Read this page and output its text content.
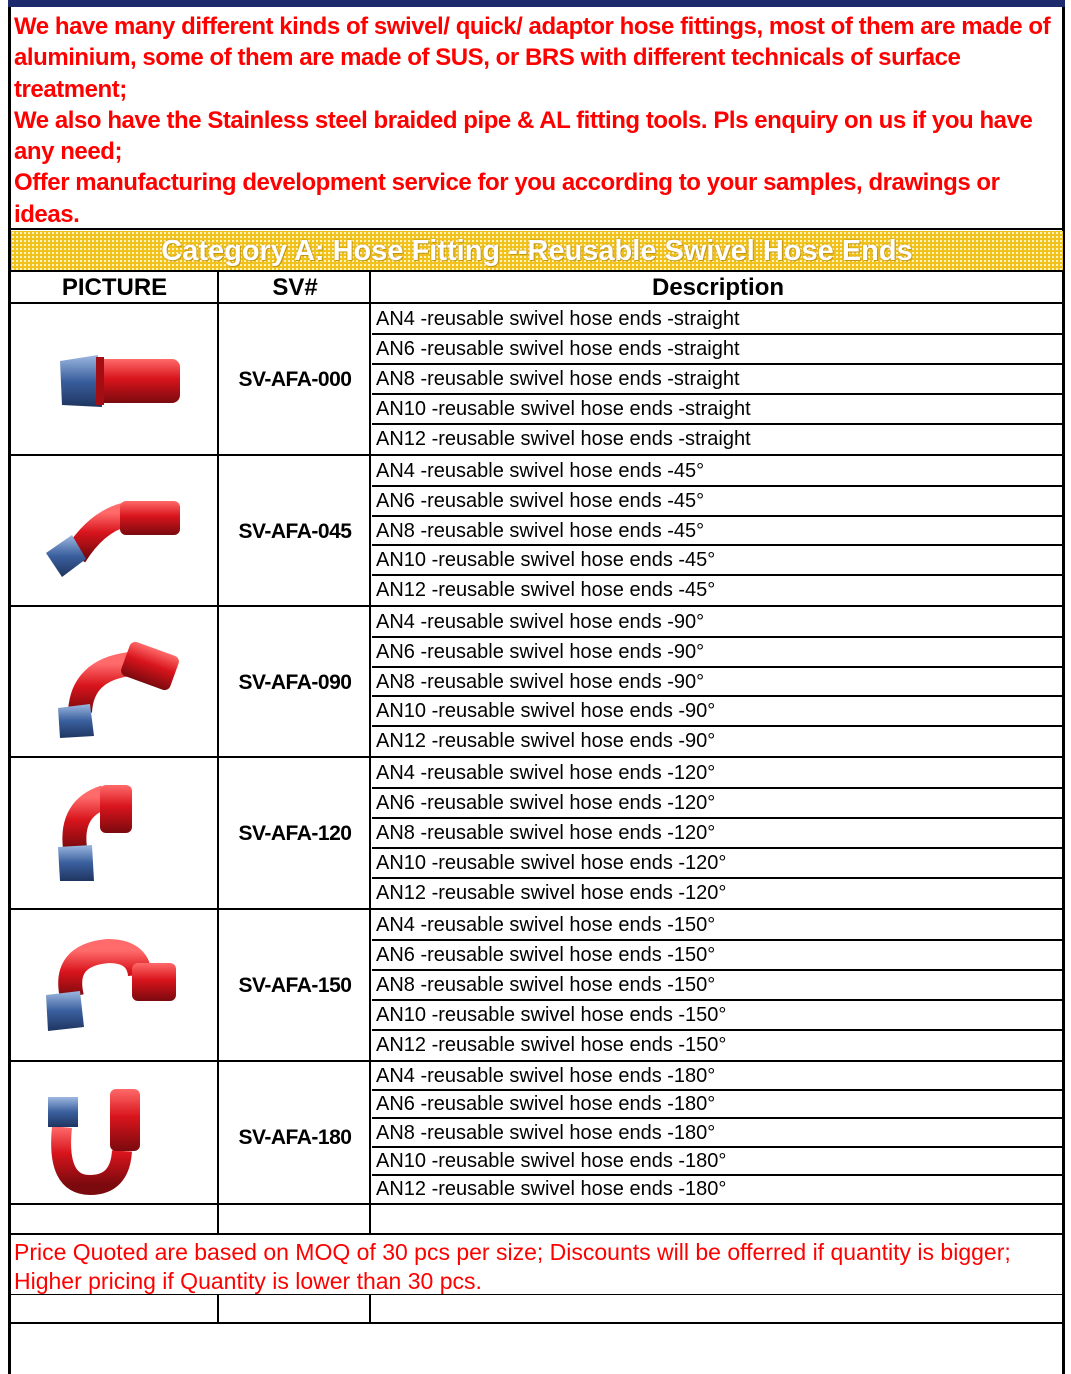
We have many different kinds of swivel/ quick/ adaptor hose fittings, most of them are made of aluminium, some of them are made of SUS, or BRS with different technicals of surface treatment;

We also have the Stainless steel braided pipe & AL fitting tools. Pls enquiry on us if you have any need;

Offer manufacturing development service for you according to your samples, drawings or ideas.

Category A: Hose Fitting --Reusable Swivel Hose Ends
PICTURE	SV#	Description
SV-AFA-000
AN4 -reusable swivel hose ends -straight
AN6 -reusable swivel hose ends -straight
AN8 -reusable swivel hose ends -straight
AN10 -reusable swivel hose ends -straight
AN12 -reusable swivel hose ends -straight
SV-AFA-045
AN4 -reusable swivel hose ends -45°
AN6 -reusable swivel hose ends -45°
AN8 -reusable swivel hose ends -45°
AN10 -reusable swivel hose ends -45°
AN12 -reusable swivel hose ends -45°
SV-AFA-090
AN4 -reusable swivel hose ends -90°
AN6 -reusable swivel hose ends -90°
AN8 -reusable swivel hose ends -90°
AN10 -reusable swivel hose ends -90°
AN12 -reusable swivel hose ends -90°
SV-AFA-120
AN4 -reusable swivel hose ends -120°
AN6 -reusable swivel hose ends -120°
AN8 -reusable swivel hose ends -120°
AN10 -reusable swivel hose ends -120°
AN12 -reusable swivel hose ends -120°
SV-AFA-150
AN4 -reusable swivel hose ends -150°
AN6 -reusable swivel hose ends -150°
AN8 -reusable swivel hose ends -150°
AN10 -reusable swivel hose ends -150°
AN12 -reusable swivel hose ends -150°
SV-AFA-180
AN4 -reusable swivel hose ends -180°
AN6 -reusable swivel hose ends -180°
AN8 -reusable swivel hose ends -180°
AN10 -reusable swivel hose ends -180°
AN12 -reusable swivel hose ends -180°
Price Quoted are based on MOQ of 30 pcs per size; Discounts will be offerred if quantity is bigger; Higher pricing if Quantity is lower than 30 pcs.
